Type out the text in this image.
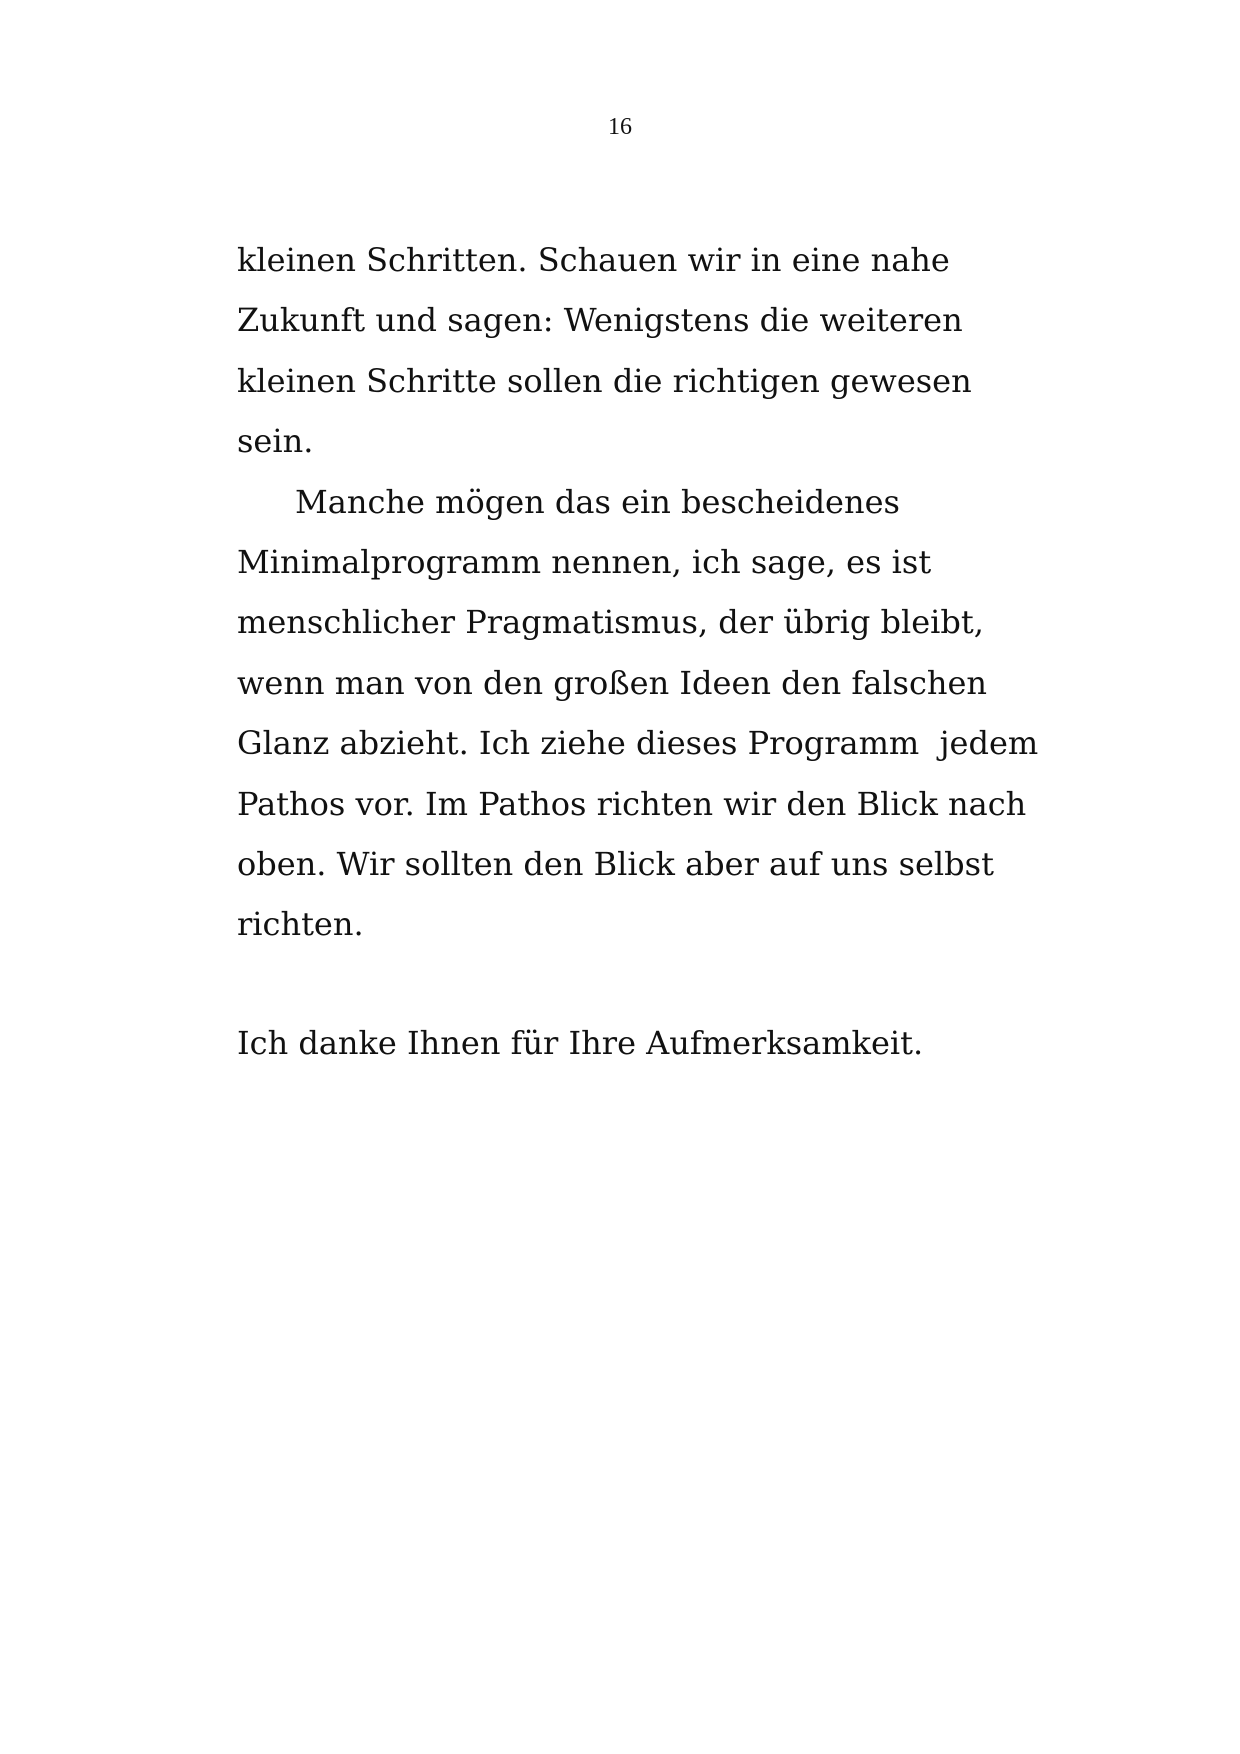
16
kleinen Schritten. Schauen wir in eine nahe
Zukunft und sagen: Wenigstens die weiteren
kleinen Schritte sollen die richtigen gewesen
sein.
Manche mögen das ein bescheidenes
Minimalprogramm nennen, ich sage, es ist
menschlicher Pragmatismus, der übrig bleibt,
wenn man von den großen Ideen den falschen
Glanz abzieht. Ich ziehe dieses Programm  jedem
Pathos vor. Im Pathos richten wir den Blick nach
oben. Wir sollten den Blick aber auf uns selbst
richten.
Ich danke Ihnen für Ihre Aufmerksamkeit.
